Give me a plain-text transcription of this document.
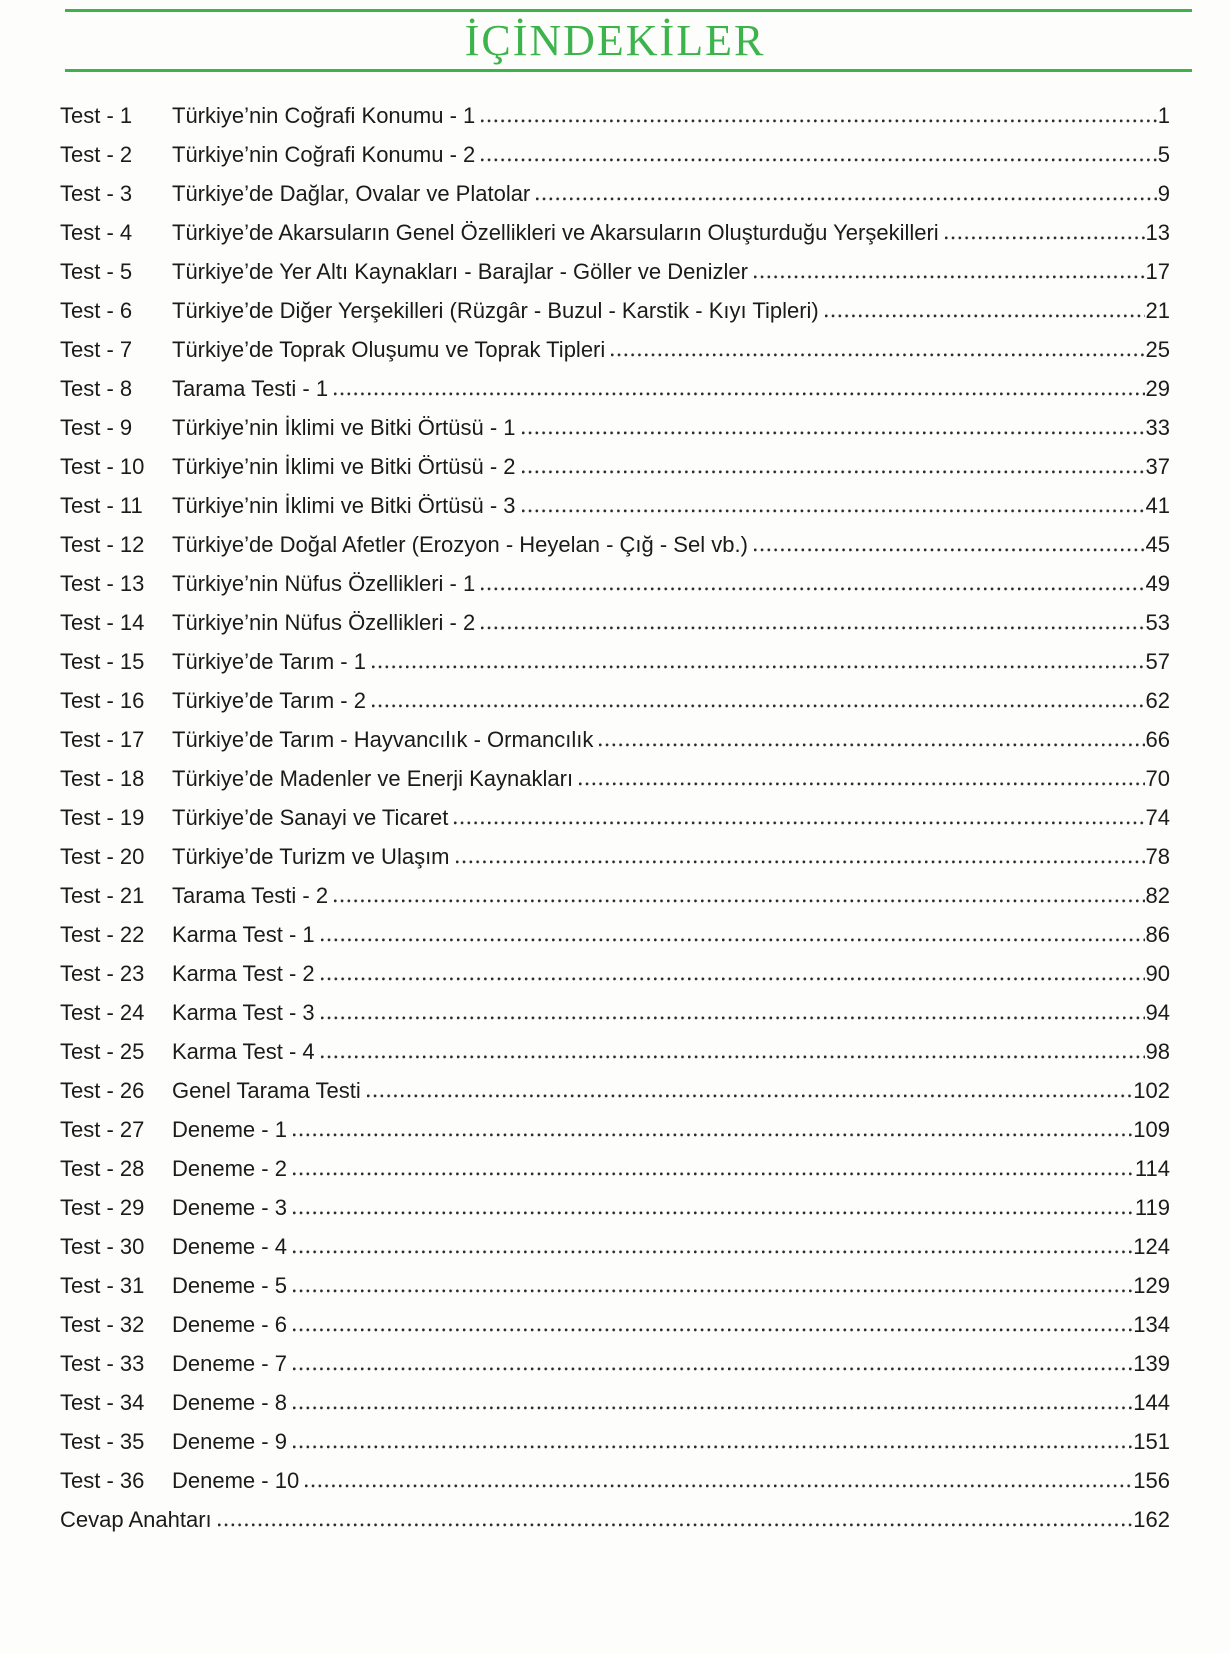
İÇİNDEKİLER
Test - 1	Türkiye’nin Coğrafi Konumu - 1	1
Test - 2	Türkiye’nin Coğrafi Konumu - 2	5
Test - 3	Türkiye’de Dağlar, Ovalar ve Platolar	9
Test - 4	Türkiye’de Akarsuların Genel Özellikleri ve Akarsuların Oluşturduğu Yerşekilleri	13
Test - 5	Türkiye’de Yer Altı Kaynakları - Barajlar - Göller ve Denizler	17
Test - 6	Türkiye’de Diğer Yerşekilleri (Rüzgâr - Buzul - Karstik - Kıyı Tipleri)	21
Test - 7	Türkiye’de Toprak Oluşumu ve Toprak Tipleri	25
Test - 8	Tarama Testi - 1	29
Test - 9	Türkiye’nin İklimi ve Bitki Örtüsü - 1	33
Test - 10	Türkiye’nin İklimi ve Bitki Örtüsü - 2	37
Test - 11	Türkiye’nin İklimi ve Bitki Örtüsü - 3	41
Test - 12	Türkiye’de Doğal Afetler (Erozyon - Heyelan - Çığ - Sel vb.)	45
Test - 13	Türkiye’nin Nüfus Özellikleri - 1	49
Test - 14	Türkiye’nin Nüfus Özellikleri - 2	53
Test - 15	Türkiye’de Tarım - 1	57
Test - 16	Türkiye’de Tarım - 2	62
Test - 17	Türkiye’de Tarım - Hayvancılık - Ormancılık	66
Test - 18	Türkiye’de Madenler ve Enerji Kaynakları	70
Test - 19	Türkiye’de Sanayi ve Ticaret	74
Test - 20	Türkiye’de Turizm ve Ulaşım	78
Test - 21	Tarama Testi - 2	82
Test - 22	Karma Test - 1	86
Test - 23	Karma Test - 2	90
Test - 24	Karma Test - 3	94
Test - 25	Karma Test - 4	98
Test - 26	Genel Tarama Testi	102
Test - 27	Deneme - 1	109
Test - 28	Deneme - 2	114
Test - 29	Deneme - 3	119
Test - 30	Deneme - 4	124
Test - 31	Deneme - 5	129
Test - 32	Deneme - 6	134
Test - 33	Deneme - 7	139
Test - 34	Deneme - 8	144
Test - 35	Deneme - 9	151
Test - 36	Deneme - 10	156
Cevap Anahtarı	162
